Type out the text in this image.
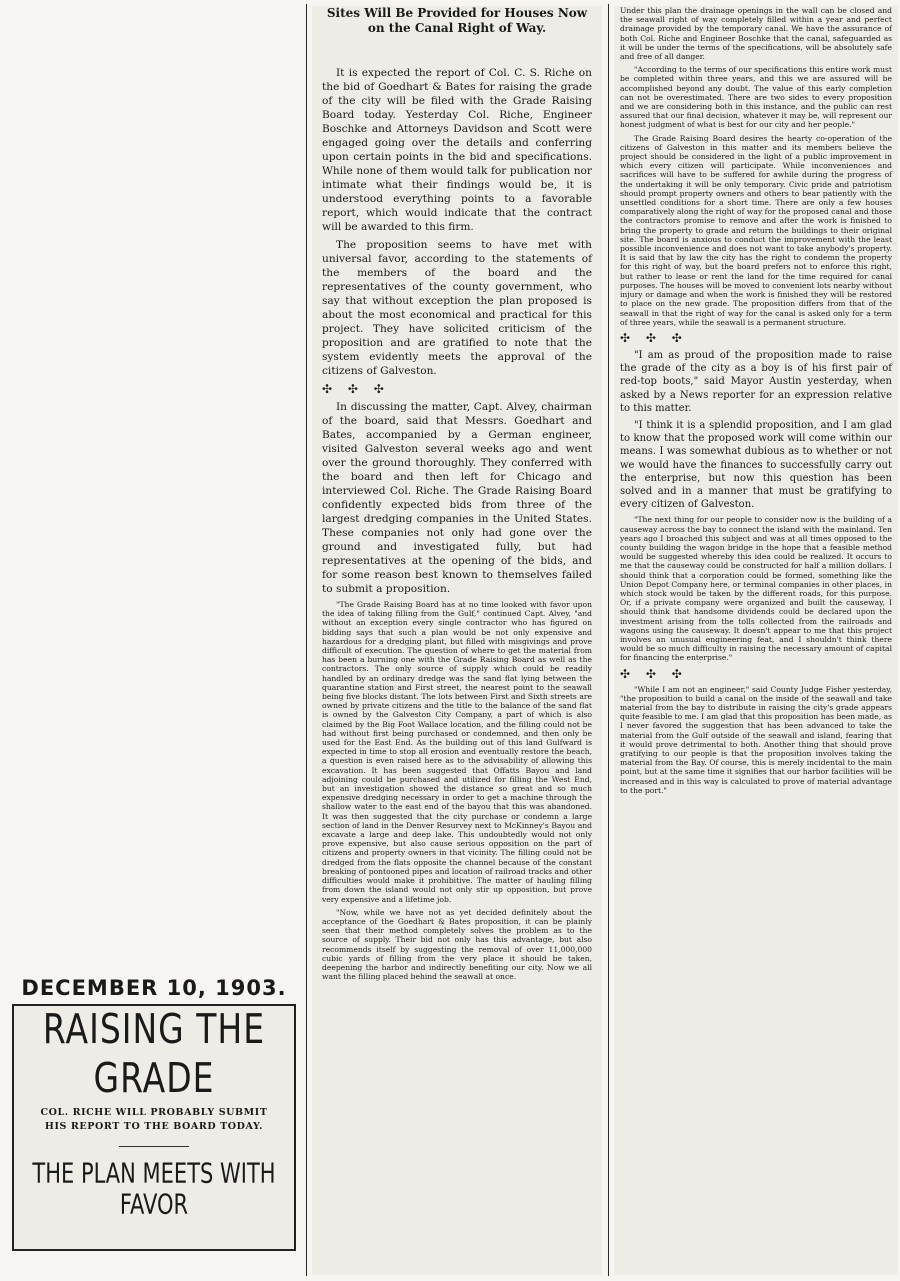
DECEMBER 10, 1903.
RAISING THE GRADE
COL. RICHE WILL PROBABLY SUBMIT HIS REPORT TO THE BOARD TODAY.
THE PLAN MEETS WITH FAVOR

Sites Will Be Provided for Houses Now on the Canal Right of Way.

It is expected the report of Col. C. S. Riche on the bid of Goedhart & Bates for raising the grade of the city will be filed with the Grade Raising Board today. Yesterday Col. Riche, Engineer Boschke and Attorneys Davidson and Scott were engaged going over the details and conferring upon certain points in the bid and specifications. While none of them would talk for publication nor intimate what their findings would be, it is understood everything points to a favorable report, which would indicate that the contract will be awarded to this firm.

The proposition seems to have met with universal favor, according to the statements of the members of the board and the representatives of the county government, who say that without exception the plan proposed is about the most economical and practical for this project. They have solicited criticism of the proposition and are gratified to note that the system evidently meets the approval of the citizens of Galveston.

✣ ✣ ✣

In discussing the matter, Capt. Alvey, chairman of the board, said that Messrs. Goedhart and Bates, accompanied by a German engineer, visited Galveston several weeks ago and went over the ground thoroughly. They conferred with the board and then left for Chicago and interviewed Col. Riche. The Grade Raising Board confidently expected bids from three of the largest dredging companies in the United States. These companies not only had gone over the ground and investigated fully, but had representatives at the opening of the bids, and for some reason best known to themselves failed to submit a proposition.

"The Grade Raising Board has at no time looked with favor upon the idea of taking filling from the Gulf," continued Capt. Alvey, "and without an exception every single contractor who has figured on bidding says that such a plan would be not only expensive and hazardous for a dredging plant, but filled with misgivings and prove difficult of execution. The question of where to get the material from has been a burning one with the Grade Raising Board as well as the contractors. The only source of supply which could be readily handled by an ordinary dredge was the sand flat lying between the quarantine station and First street, the nearest point to the seawall being five blocks distant. The lots between First and Sixth streets are owned by private citizens and the title to the balance of the sand flat is owned by the Galveston City Company, a part of which is also claimed by the Big Foot Wallace location, and the filling could not be had without first being purchased or condemned, and then only be used for the East End. As the building out of this land Gulfward is expected in time to stop all erosion and eventually restore the beach, a question is even raised here as to the advisability of allowing this excavation. It has been suggested that Offatts Bayou and land adjoining could be purchased and utilized for filling the West End, but an investigation showed the distance so great and so much expensive dredging necessary in order to get a machine through the shallow water to the east end of the bayou that this was abandoned. It was then suggested that the city purchase or condemn a large section of land in the Denver Resurvey next to McKinney's Bayou and excavate a large and deep lake. This undoubtedly would not only prove expensive, but also cause serious opposition on the part of citizens and property owners in that vicinity. The filling could not be dredged from the flats opposite the channel because of the constant breaking of pontooned pipes and location of railroad tracks and other difficulties would make it prohibitive. The matter of hauling filling from down the island would not only stir up opposition, but prove very expensive and a lifetime job.

"Now, while we have not as yet decided definitely about the acceptance of the Goedhart & Bates proposition, it can be plainly seen that their method completely solves the problem as to the source of supply. Their bid not only has this advantage, but also recommends itself by suggesting the removal of over 11,000,000 cubic yards of filling from the very place it should be taken, deepening the harbor and indirectly benefiting our city. Now we all want the filling placed behind the seawall at once.

Under this plan the drainage openings in the wall can be closed and the seawall right of way completely filled within a year and perfect drainage provided by the temporary canal. We have the assurance of both Col. Riche and Engineer Boschke that the canal, safeguarded as it will be under the terms of the specifications, will be absolutely safe and free of all danger.

"According to the terms of our specifications this entire work must be completed within three years, and this we are assured will be accomplished beyond any doubt. The value of this early completion can not be overestimated. There are two sides to every proposition and we are considering both in this instance, and the public can rest assured that our final decision, whatever it may be, will represent our honest judgment of what is best for our city and her people."

The Grade Raising Board desires the hearty co-operation of the citizens of Galveston in this matter and its members believe the project should be considered in the light of a public improvement in which every citizen will participate. While inconveniences and sacrifices will have to be suffered for awhile during the progress of the undertaking it will be only temporary. Civic pride and patriotism should prompt property owners and others to bear patiently with the unsettled conditions for a short time. There are only a few houses comparatively along the right of way for the proposed canal and those the contractors promise to remove and after the work is finished to bring the property to grade and return the buildings to their original site. The board is anxious to conduct the improvement with the least possible inconvenience and does not want to take anybody's property. It is said that by law the city has the right to condemn the property for this right of way, but the board prefers not to enforce this right, but rather to lease or rent the land for the time required for canal purposes. The houses will be moved to convenient lots nearby without injury or damage and when the work is finished they will be restored to place on the new grade. The proposition differs from that of the seawall in that the right of way for the canal is asked only for a term of three years, while the seawall is a permanent structure.

✣ ✣ ✣

"I am as proud of the proposition made to raise the grade of the city as a boy is of his first pair of red-top boots," said Mayor Austin yesterday, when asked by a News reporter for an expression relative to this matter.

"I think it is a splendid proposition, and I am glad to know that the proposed work will come within our means. I was somewhat dubious as to whether or not we would have the finances to successfully carry out the enterprise, but now this question has been solved and in a manner that must be gratifying to every citizen of Galveston.

"The next thing for our people to consider now is the building of a causeway across the bay to connect the island with the mainland. Ten years ago I broached this subject and was at all times opposed to the county building the wagon bridge in the hope that a feasible method would be suggested whereby this idea could be realized. It occurs to me that the causeway could be constructed for half a million dollars. I should think that a corporation could be formed, something like the Union Depot Company here, or terminal companies in other places, in which stock would be taken by the different roads, for this purpose. Or, if a private company were organized and built the causeway, I should think that handsome dividends could be declared upon the investment arising from the tolls collected from the railroads and wagons using the causeway. It doesn't appear to me that this project involves an unusual engineering feat, and I shouldn't think there would be so much difficulty in raising the necessary amount of capital for financing the enterprise."

✣ ✣ ✣

"While I am not an engineer," said County Judge Fisher yesterday, "the proposition to build a canal on the inside of the seawall and take material from the bay to distribute in raising the city's grade appears quite feasible to me. I am glad that this proposition has been made, as I never favored the suggestion that has been advanced to take the material from the Gulf outside of the seawall and island, fearing that it would prove detrimental to both. Another thing that should prove gratifying to our people is that the proposition involves taking the material from the Bay. Of course, this is merely incidental to the main point, but at the same time it signifies that our harbor facilities will be increased and in this way is calculated to prove of material advantage to the port."
